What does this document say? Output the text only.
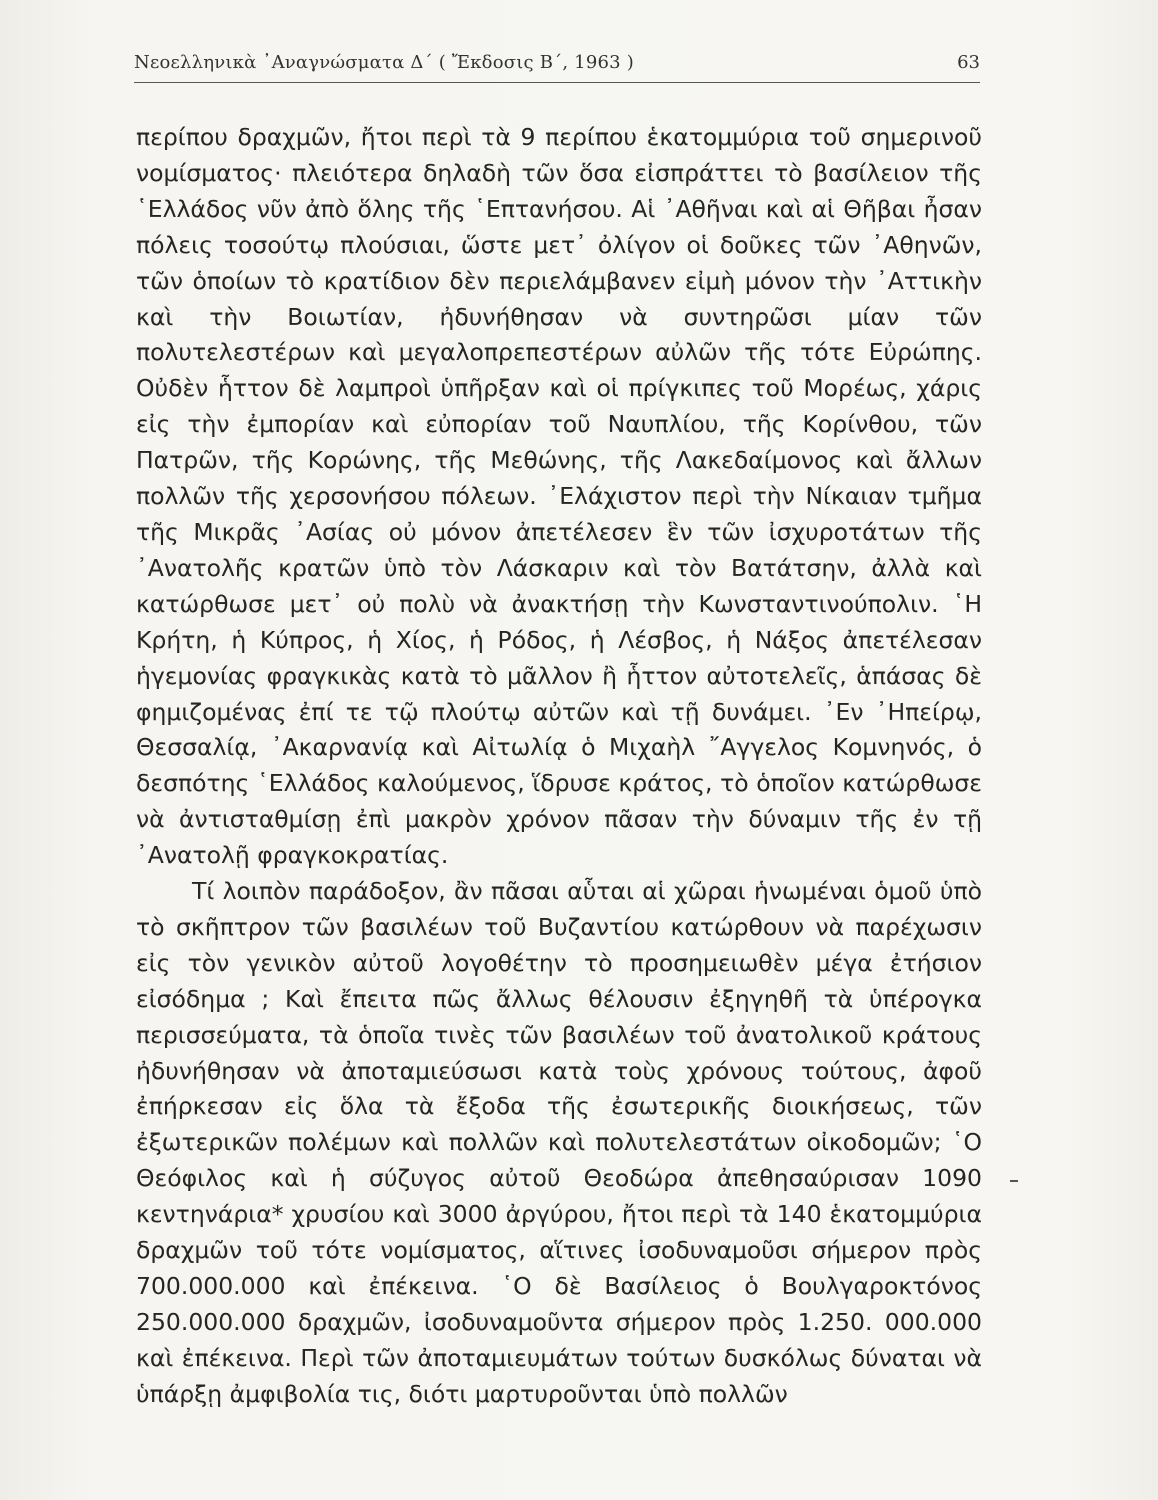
Νεοελληνικὰ ᾿Αναγνώσματα Δ΄ ( Ἔκδοσις Β΄, 1963 )	63

περίπου δραχμῶν, ἤτοι περὶ τὰ 9 περίπου ἑκατομμύρια τοῦ σημερινοῦ νομίσματος· πλειότερα δηλαδὴ τῶν ὅσα εἰσπράττει τὸ βασίλειον τῆς ῾Ελλάδος νῦν ἀπὸ ὅλης τῆς ῾Επτανήσου. Αἱ ᾿Αθῆναι καὶ αἱ Θῆβαι ἦσαν πόλεις τοσούτῳ πλούσιαι, ὥστε μετ᾿ ὀλίγον οἱ δοῦκες τῶν ᾿Αθηνῶν, τῶν ὁποίων τὸ κρατίδιον δὲν περιελάμβανεν εἰμὴ μόνον τὴν ᾿Αττικὴν καὶ τὴν Βοιωτίαν, ἠδυνήθησαν νὰ συντηρῶσι μίαν τῶν πολυτελεστέρων καὶ μεγαλοπρεπεστέρων αὐλῶν τῆς τότε Εὐρώπης. Οὐδὲν ἧττον δὲ λαμπροὶ ὑπῆρξαν καὶ οἱ πρίγκιπες τοῦ Μορέως, χάρις εἰς τὴν ἐμπορίαν καὶ εὐπορίαν τοῦ Ναυπλίου, τῆς Κορίνθου, τῶν Πατρῶν, τῆς Κορώνης, τῆς Μεθώνης, τῆς Λακεδαίμονος καὶ ἄλλων πολλῶν τῆς χερσονήσου πόλεων. ᾿Ελάχιστον περὶ τὴν Νίκαιαν τμῆμα τῆς Μικρᾶς ᾿Ασίας οὐ μόνον ἀπετέλεσεν ἓν τῶν ἰσχυροτάτων τῆς ᾿Ανατολῆς κρατῶν ὑπὸ τὸν Λάσκαριν καὶ τὸν Βατάτσην, ἀλλὰ καὶ κατώρθωσε μετ᾿ οὐ πολὺ νὰ ἀνακτήσῃ τὴν Κωνσταντινούπολιν. ῾Η Κρήτη, ἡ Κύπρος, ἡ Χίος, ἡ Ρόδος, ἡ Λέσβος, ἡ Νάξος ἀπετέλεσαν ἡγεμονίας φραγκικὰς κατὰ τὸ μᾶλλον ἢ ἧττον αὐτοτελεῖς, ἁπάσας δὲ φημιζομένας ἐπί τε τῷ πλούτῳ αὐτῶν καὶ τῇ δυνάμει. ᾿Εν ᾿Ηπείρῳ, Θεσσαλίᾳ, ᾿Ακαρνανίᾳ καὶ Αἰτωλίᾳ ὁ Μιχαὴλ ῎Αγγελος Κομνηνός, ὁ δεσπότης ῾Ελλάδος καλούμενος, ἵδρυσε κράτος, τὸ ὁποῖον κατώρθωσε νὰ ἀντισταθμίσῃ ἐπὶ μακρὸν χρόνον πᾶσαν τὴν δύναμιν τῆς ἐν τῇ ᾿Ανατολῇ φραγκοκρατίας.

Τί λοιπὸν παράδοξον, ἂν πᾶσαι αὗται αἱ χῶραι ἡνωμέναι ὁμοῦ ὑπὸ τὸ σκῆπτρον τῶν βασιλέων τοῦ Βυζαντίου κατώρθουν νὰ παρέχωσιν εἰς τὸν γενικὸν αὐτοῦ λογοθέτην τὸ προσημειωθὲν μέγα ἐτήσιον εἰσόδημα ; Καὶ ἔπειτα πῶς ἄλλως θέλουσιν ἐξηγηθῆ τὰ ὑπέρογκα περισσεύματα, τὰ ὁποῖα τινὲς τῶν βασιλέων τοῦ ἀνατολικοῦ κράτους ἠδυνήθησαν νὰ ἀποταμιεύσωσι κατὰ τοὺς χρόνους τούτους, ἀφοῦ ἐπήρκεσαν εἰς ὅλα τὰ ἔξοδα τῆς ἐσωτερικῆς διοικήσεως, τῶν ἐξωτερικῶν πολέμων καὶ πολλῶν καὶ πολυτελεστάτων οἰκοδομῶν; ῾Ο Θεόφιλος καὶ ἡ σύζυγος αὐτοῦ Θεοδώρα ἀπεθησαύρισαν 1090 κεντηνάρια* χρυσίου καὶ 3000 ἀργύρου, ἤτοι περὶ τὰ 140 ἑκατομμύρια δραχμῶν τοῦ τότε νομίσματος, αἵτινες ἰσοδυναμοῦσι σήμερον πρὸς 700.000.000 καὶ ἐπέκεινα. ῾Ο δὲ Βασίλειος ὁ Βουλγαροκτόνος 250.000.000 δραχμῶν, ἰσοδυναμοῦντα σήμερον πρὸς 1.250. 000.000 καὶ ἐπέκεινα. Περὶ τῶν ἀποταμιευμάτων τούτων δυσκόλως δύναται νὰ ὑπάρξῃ ἀμφιβολία τις, διότι μαρτυροῦνται ὑπὸ πολλῶν
